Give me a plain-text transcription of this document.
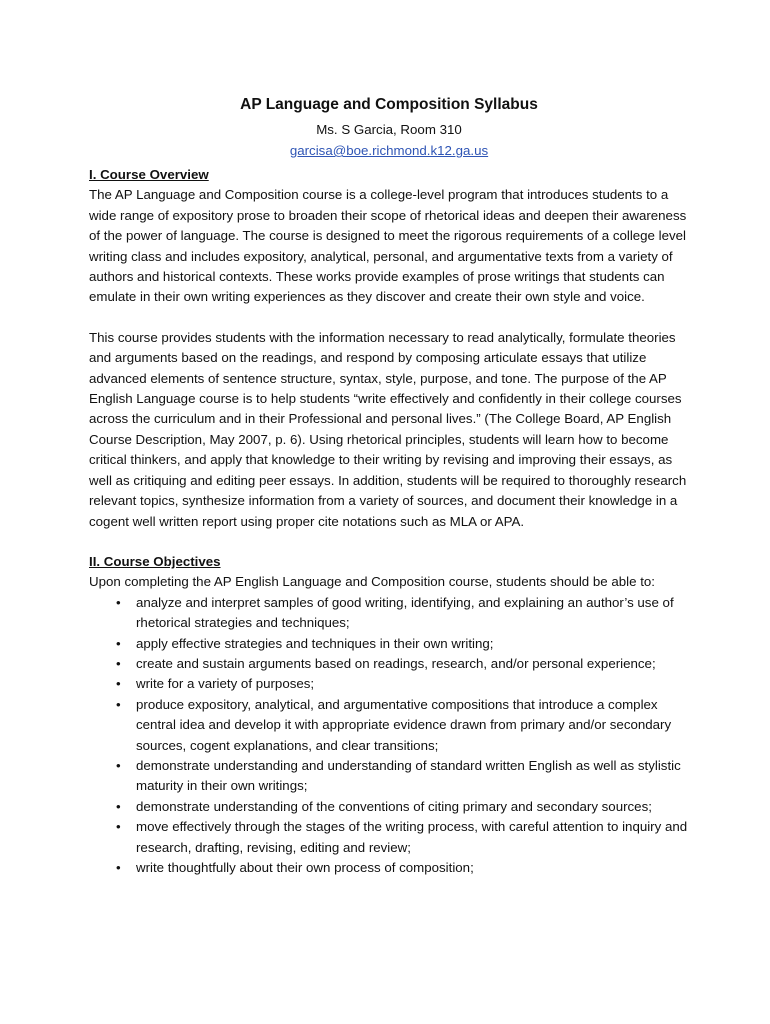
AP Language and Composition Syllabus
Ms. S Garcia, Room 310
garcisa@boe.richmond.k12.ga.us
I. Course Overview

The AP Language and Composition course is a college-level program that introduces students to a wide range of expository prose to broaden their scope of rhetorical ideas and deepen their awareness of the power of language. The course is designed to meet the rigorous requirements of a college level writing class and includes expository, analytical, personal, and argumentative texts from a variety of authors and historical contexts. These works provide examples of prose writings that students can emulate in their own writing experiences as they discover and create their own style and voice.

This course provides students with the information necessary to read analytically, formulate theories and arguments based on the readings, and respond by composing articulate essays that utilize advanced elements of sentence structure, syntax, style, purpose, and tone. The purpose of the AP English Language course is to help students “write effectively and confidently in their college courses across the curriculum and in their Professional and personal lives.” (The College Board, AP English Course Description, May 2007, p. 6). Using rhetorical principles, students will learn how to become critical thinkers, and apply that knowledge to their writing by revising and improving their essays, as well as critiquing and editing peer essays. In addition, students will be required to thoroughly research relevant topics, synthesize information from a variety of sources, and document their knowledge in a cogent well written report using proper cite notations such as MLA or APA.

II. Course Objectives

Upon completing the AP English Language and Composition course, students should be able to:

• analyze and interpret samples of good writing, identifying, and explaining an author’s use of rhetorical strategies and techniques;
• apply effective strategies and techniques in their own writing;
• create and sustain arguments based on readings, research, and/or personal experience;
• write for a variety of purposes;
• produce expository, analytical, and argumentative compositions that introduce a complex central idea and develop it with appropriate evidence drawn from primary and/or secondary sources, cogent explanations, and clear transitions;
• demonstrate understanding and understanding of standard written English as well as stylistic maturity in their own writings;
• demonstrate understanding of the conventions of citing primary and secondary sources;
• move effectively through the stages of the writing process, with careful attention to inquiry and research, drafting, revising, editing and review;
• write thoughtfully about their own process of composition;
